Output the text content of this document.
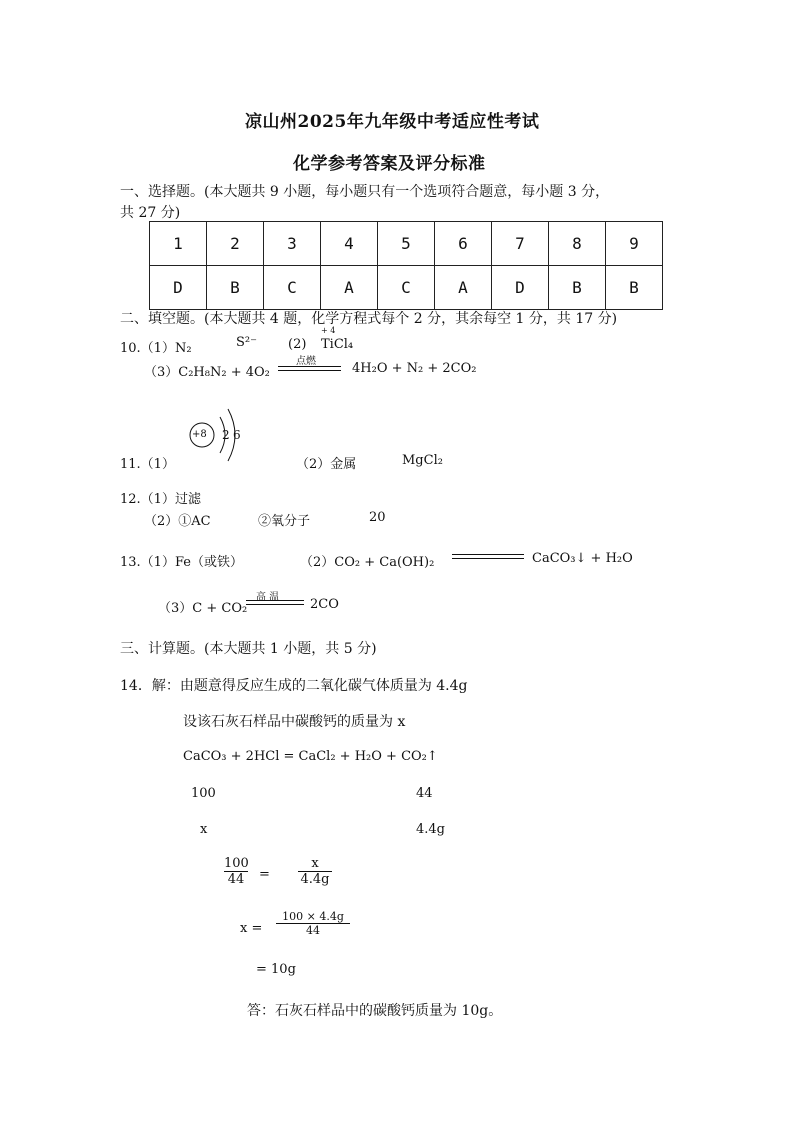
凉山州2025年九年级中考适应性考试
化学参考答案及评分标准
一、选择题。(本大题共 9 小题，每小题只有一个选项符合题意，每小题 3 分，
共 27 分)
1	2	3	4	5	6	7	8	9
D	B	C	A	C	A	D	B	B
二、填空题。(本大题共 4 题，化学方程式每个 2 分，其余每空 1 分，共 17 分)
10.（1）N₂	S²⁻ (2)
+ 4
TiCl₄
（3）C₂H₈N₂ + 4O₂
点燃	4H₂O + N₂ + 2CO₂
11.（1）
+8 2 6
（2）金属	MgCl₂
12.（1）过滤
（2）①AC	②氧分子	20
13.（1）Fe（或铁）	（2）CO₂ + Ca(OH)₂	CaCO₃↓ + H₂O
（3）C + CO₂
高 温 2CO
三、计算题。(本大题共 1 小题，共 5 分)
14．解：由题意得反应生成的二氧化碳气体质量为 4.4g
设该石灰石样品中碳酸钙的质量为 x
CaCO₃ + 2HCl = CaCl₂ + H₂O + CO₂↑
100	44
x	4.4g
100
44 =
x
4.4g
x =
100 × 4.4g
44
= 10g
答：石灰石样品中的碳酸钙质量为 10g。
